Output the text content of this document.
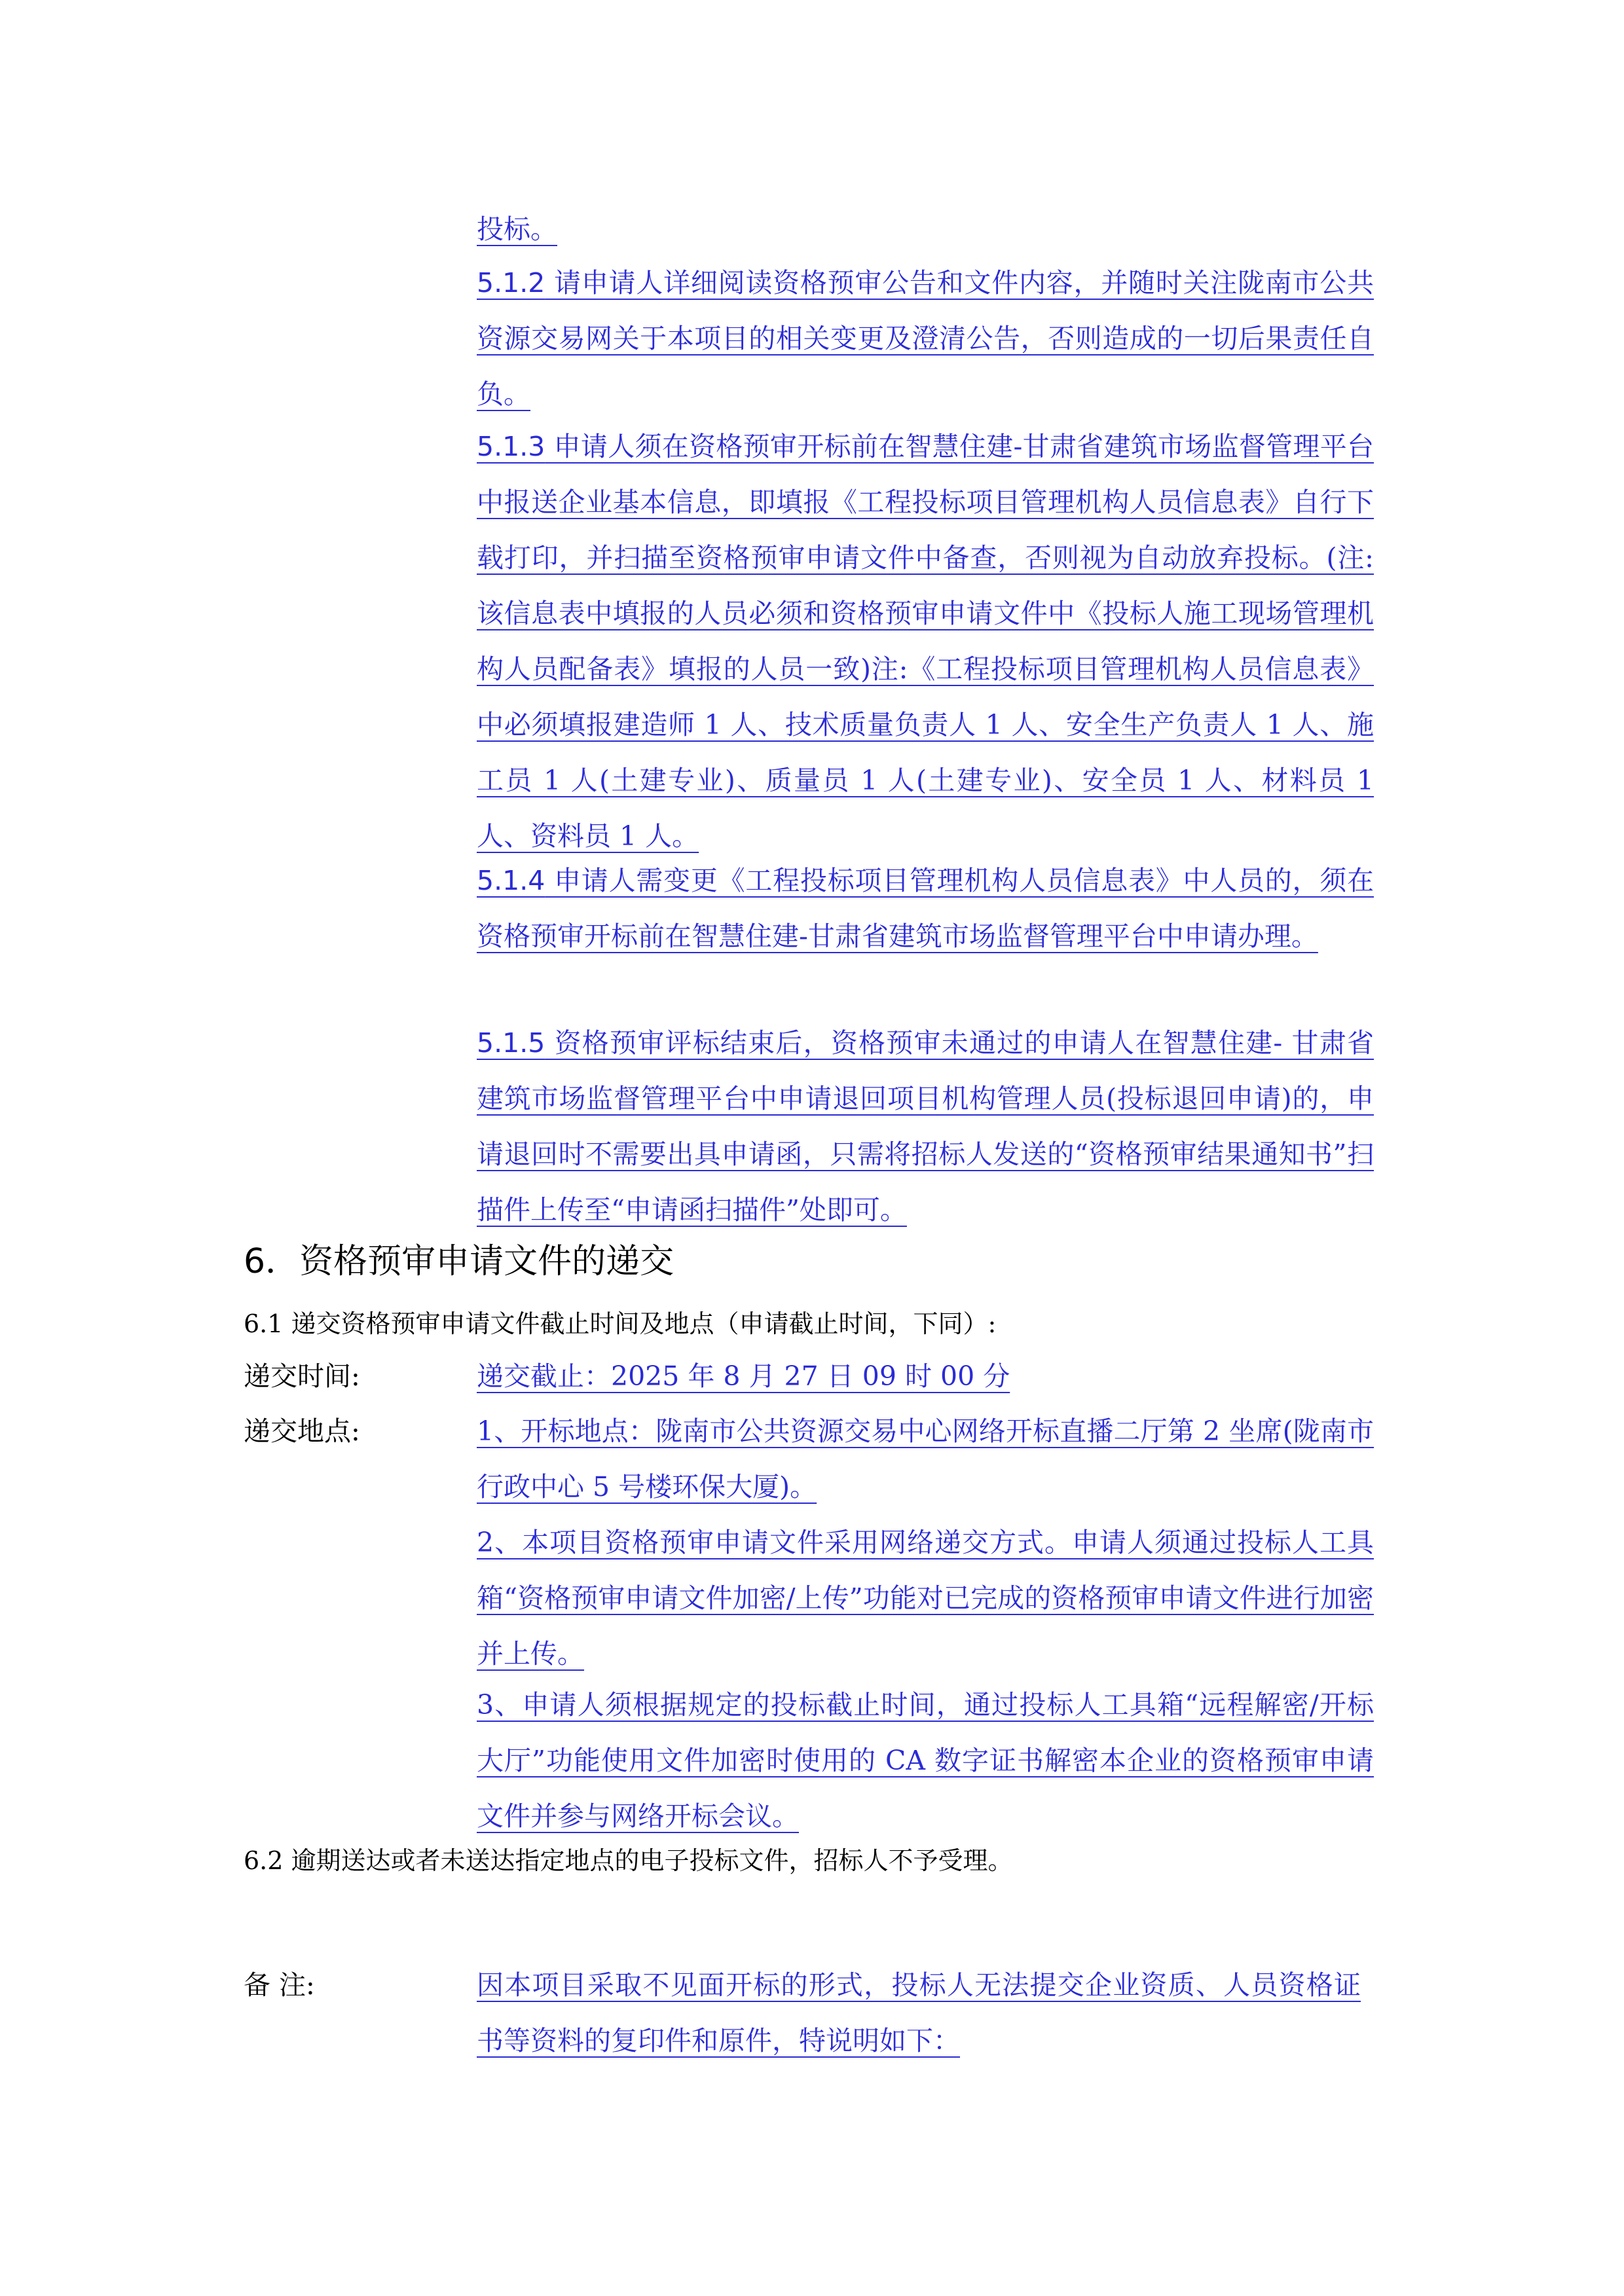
投标。
5.1.2 请申请人详细阅读资格预审公告和文件内容，并随时关注陇南市公共资源交易网关于本项目的相关变更及澄清公告，否则造成的一切后果责任自负。
5.1.3 申请人须在资格预审开标前在智慧住建-甘肃省建筑市场监督管理平台中报送企业基本信息，即填报《工程投标项目管理机构人员信息表》自行下载打印，并扫描至资格预审申请文件中备查，否则视为自动放弃投标。(注:该信息表中填报的人员必须和资格预审申请文件中《投标人施工现场管理机构人员配备表》填报的人员一致)注:《工程投标项目管理机构人员信息表》中必须填报建造师 1 人、技术质量负责人 1 人、安全生产负责人 1 人、施工员 1 人(土建专业)、质量员 1 人(土建专业)、安全员 1 人、材料员 1 人、资料员 1 人。
5.1.4 申请人需变更《工程投标项目管理机构人员信息表》中人员的，须在资格预审开标前在智慧住建-甘肃省建筑市场监督管理平台中申请办理。
5.1.5 资格预审评标结束后，资格预审未通过的申请人在智慧住建- 甘肃省建筑市场监督管理平台中申请退回项目机构管理人员(投标退回申请)的，申请退回时不需要出具申请函，只需将招标人发送的“资格预审结果通知书”扫描件上传至“申请函扫描件”处即可。
6．资格预审申请文件的递交
6.1 递交资格预审申请文件截止时间及地点（申请截止时间，下同）:
递交时间:	递交截止：2025 年 8 月 27 日 09 时 00 分
递交地点:	1、开标地点：陇南市公共资源交易中心网络开标直播二厅第 2 坐席(陇南市行政中心 5 号楼环保大厦)。
2、本项目资格预审申请文件采用网络递交方式。申请人须通过投标人工具箱“资格预审申请文件加密/上传”功能对已完成的资格预审申请文件进行加密并上传。
3、申请人须根据规定的投标截止时间，通过投标人工具箱“远程解密/开标大厅”功能使用文件加密时使用的 CA 数字证书解密本企业的资格预审申请文件并参与网络开标会议。
6.2 逾期送达或者未送达指定地点的电子投标文件，招标人不予受理。
备 注:	因本项目采取不见面开标的形式，投标人无法提交企业资质、人员资格证书等资料的复印件和原件，特说明如下：
